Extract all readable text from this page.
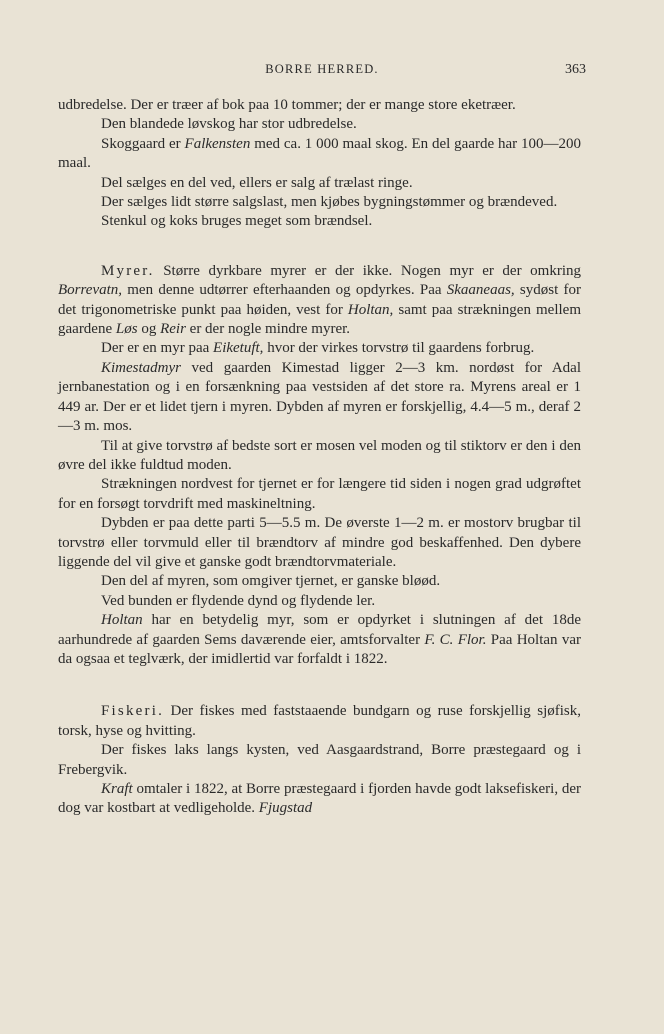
BORRE HERRED.	363

udbredelse. Der er træer af bok paa 10 tommer; der er mange store eketræer.

Den blandede løvskog har stor udbredelse.

Skoggaard er Falkensten med ca. 1 000 maal skog. En del gaarde har 100—200 maal.

Del sælges en del ved, ellers er salg af trælast ringe.

Der sælges lidt større salgslast, men kjøbes bygningstømmer og brændeved.

Stenkul og koks bruges meget som brændsel.

Myrer. Større dyrkbare myrer er der ikke. Nogen myr er der omkring Borrevatn, men denne udtørrer efterhaanden og opdyrkes. Paa Skaaneaas, sydøst for det trigonometriske punkt paa høiden, vest for Holtan, samt paa strækningen mellem gaardene Løs og Reir er der nogle mindre myrer.

Der er en myr paa Eiketuft, hvor der virkes torvstrø til gaardens forbrug.

Kimestadmyr ved gaarden Kimestad ligger 2—3 km. nordøst for Adal jernbanestation og i en forsænkning paa vestsiden af det store ra. Myrens areal er 1 449 ar. Der er et lidet tjern i myren. Dybden af myren er forskjellig, 4.4—5 m., deraf 2—3 m. mos.

Til at give torvstrø af bedste sort er mosen vel moden og til stiktorv er den i den øvre del ikke fuldtud moden.

Strækningen nordvest for tjernet er for længere tid siden i nogen grad udgrøftet for en forsøgt torvdrift med maskineltning.

Dybden er paa dette parti 5—5.5 m. De øverste 1—2 m. er mostorv brugbar til torvstrø eller torvmuld eller til brændtorv af mindre god beskaffenhed. Den dybere liggende del vil give et ganske godt brændtorvmateriale.

Den del af myren, som omgiver tjernet, er ganske bløød.

Ved bunden er flydende dynd og flydende ler.

Holtan har en betydelig myr, som er opdyrket i slutningen af det 18de aarhundrede af gaarden Sems daværende eier, amtsforvalter F. C. Flor. Paa Holtan var da ogsaa et teglværk, der imidlertid var forfaldt i 1822.

Fiskeri. Der fiskes med faststaaende bundgarn og ruse forskjellig sjøfisk, torsk, hyse og hvitting.

Der fiskes laks langs kysten, ved Aasgaardstrand, Borre præstegaard og i Frebergvik.

Kraft omtaler i 1822, at Borre præstegaard i fjorden havde godt laksefiskeri, der dog var kostbart at vedligeholde. Fjugstad
